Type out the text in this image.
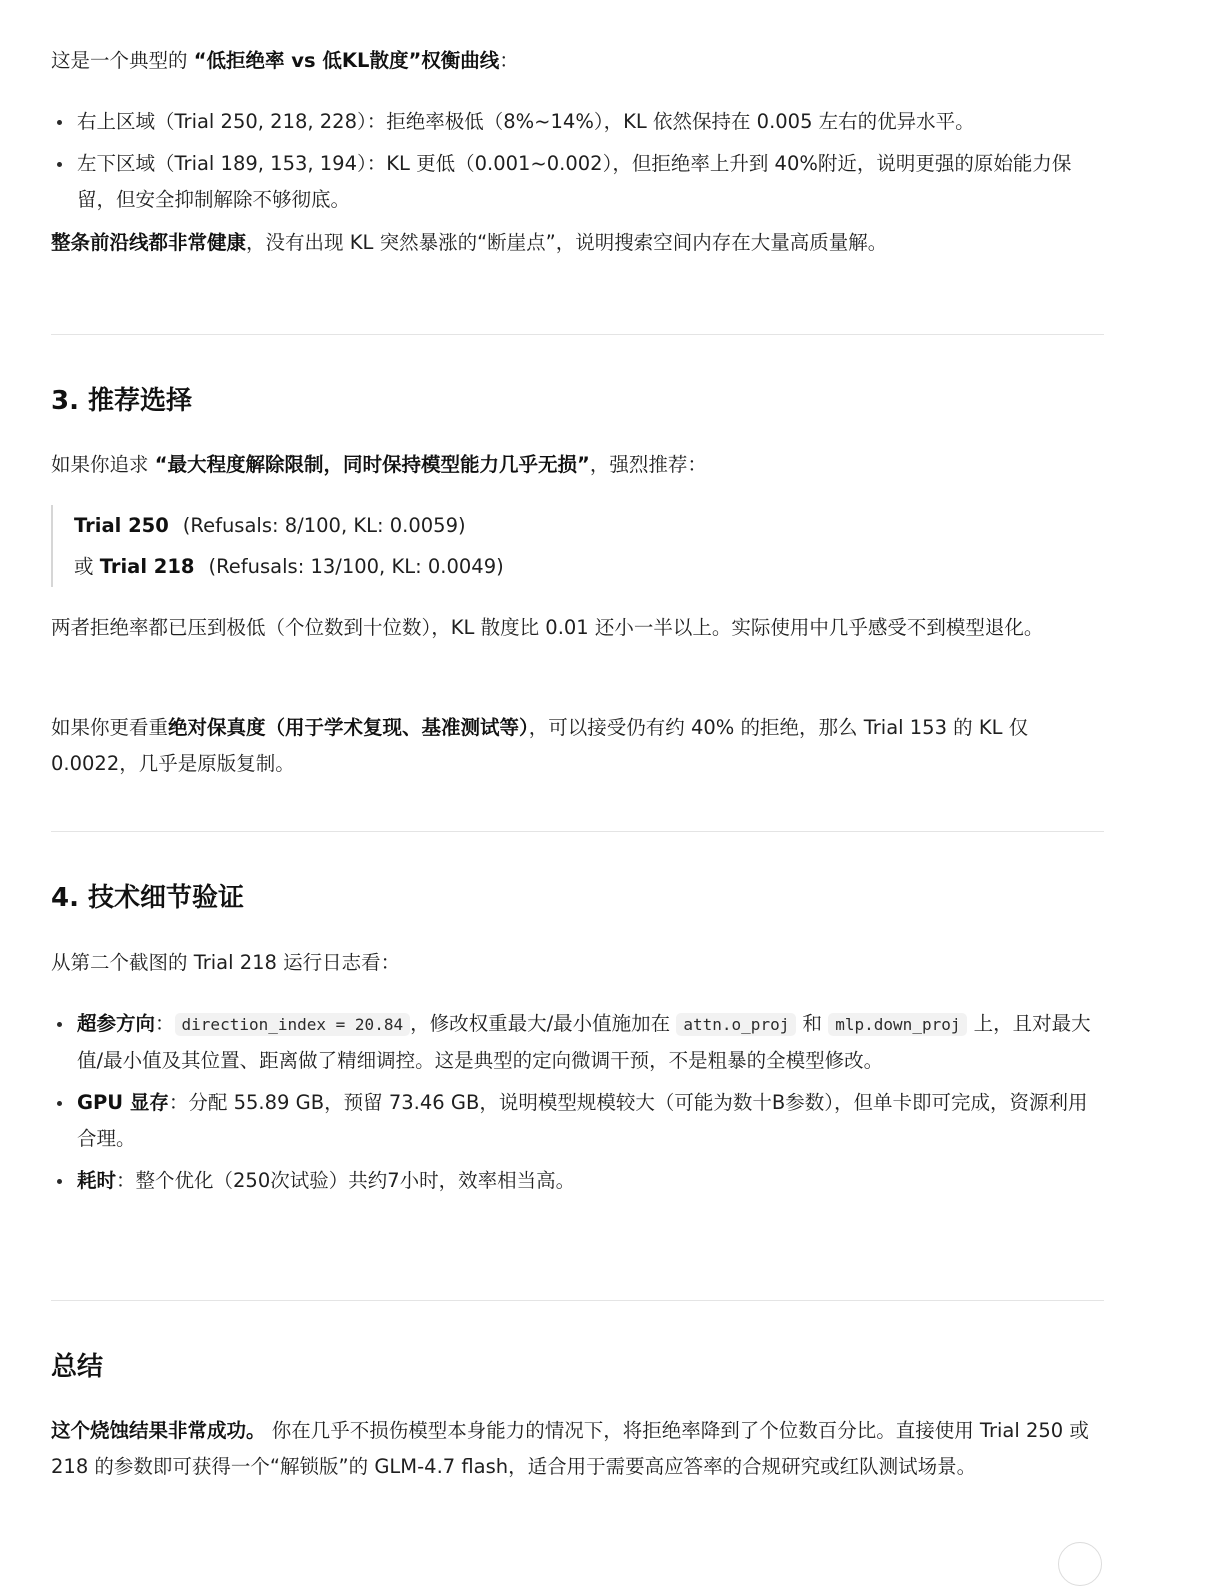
这是一个典型的 “低拒绝率 vs 低KL散度”权衡曲线：

右上区域（Trial 250, 218, 228）：拒绝率极低（8%~14%），KL 依然保持在 0.005 左右的优异水平。
左下区域（Trial 189, 153, 194）：KL 更低（0.001~0.002），但拒绝率上升到 40%附近，说明更强的原始能力保留，但安全抑制解除不够彻底。

整条前沿线都非常健康，没有出现 KL 突然暴涨的“断崖点”，说明搜索空间内存在大量高质量解。

3. 推荐选择

如果你追求 “最大程度解除限制，同时保持模型能力几乎无损”，强烈推荐：

Trial 250 (Refusals: 8/100, KL: 0.0059)
或 Trial 218 (Refusals: 13/100, KL: 0.0049)

两者拒绝率都已压到极低（个位数到十位数），KL 散度比 0.01 还小一半以上。实际使用中几乎感受不到模型退化。

如果你更看重绝对保真度（用于学术复现、基准测试等），可以接受仍有约 40% 的拒绝，那么 Trial 153 的 KL 仅 0.0022，几乎是原版复制。

4. 技术细节验证

从第二个截图的 Trial 218 运行日志看：

超参方向： direction_index = 20.84 ，修改权重最大/最小值施加在 attn.o_proj 和 mlp.down_proj 上，且对最大值/最小值及其位置、距离做了精细调控。这是典型的定向微调干预，不是粗暴的全模型修改。
GPU 显存：分配 55.89 GB，预留 73.46 GB，说明模型规模较大（可能为数十B参数），但单卡即可完成，资源利用合理。
耗时：整个优化（250次试验）共约7小时，效率相当高。
总结

这个烧蚀结果非常成功。 你在几乎不损伤模型本身能力的情况下，将拒绝率降到了个位数百分比。直接使用 Trial 250 或 218 的参数即可获得一个“解锁版”的 GLM-4.7 flash，适合用于需要高应答率的合规研究或红队测试场景。
